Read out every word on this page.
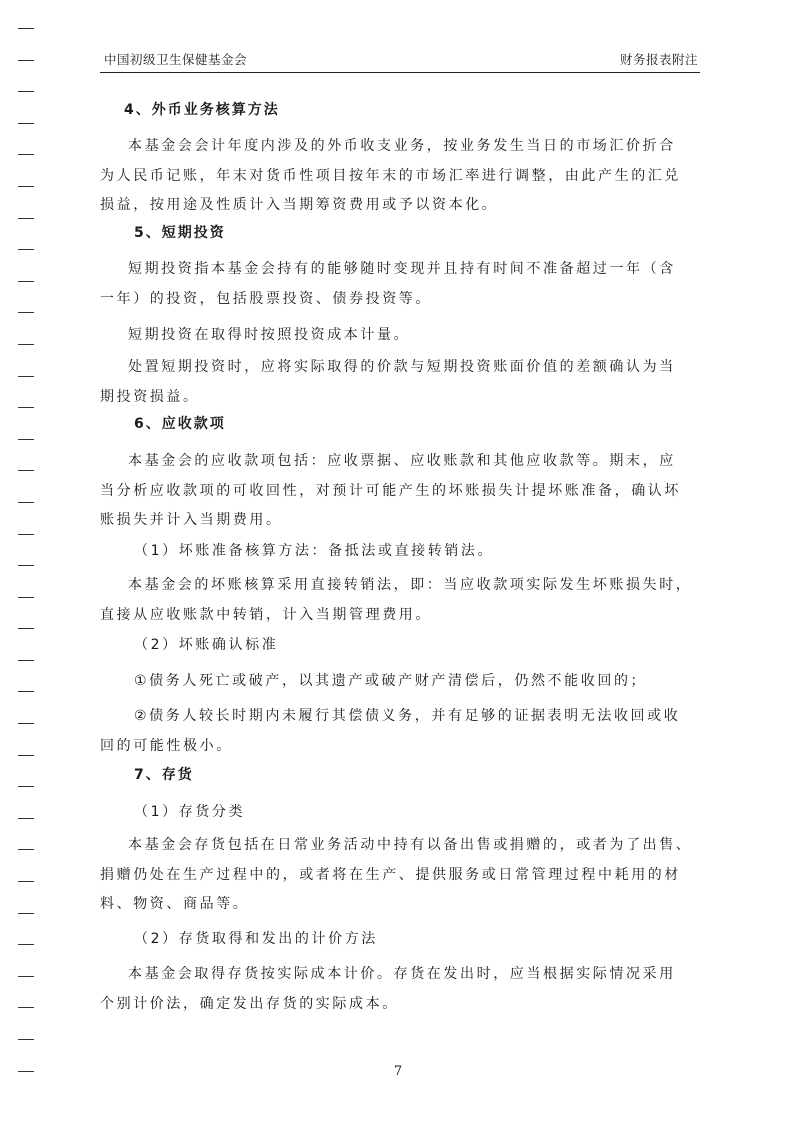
中国初级卫生保健基金会	财务报表附注
4、外币业务核算方法
本基金会会计年度内涉及的外币收支业务，按业务发生当日的市场汇价折合
为人民币记账，年末对货币性项目按年末的市场汇率进行调整，由此产生的汇兑
损益，按用途及性质计入当期筹资费用或予以资本化。
5、短期投资
短期投资指本基金会持有的能够随时变现并且持有时间不准备超过一年（含
一年）的投资，包括股票投资、债券投资等。
短期投资在取得时按照投资成本计量。
处置短期投资时，应将实际取得的价款与短期投资账面价值的差额确认为当
期投资损益。
6、应收款项
本基金会的应收款项包括：应收票据、应收账款和其他应收款等。期末，应
当分析应收款项的可收回性，对预计可能产生的坏账损失计提坏账准备，确认坏
账损失并计入当期费用。
（1）坏账准备核算方法：备抵法或直接转销法。
本基金会的坏账核算采用直接转销法，即：当应收款项实际发生坏账损失时，
直接从应收账款中转销，计入当期管理费用。
（2）坏账确认标准
①债务人死亡或破产，以其遗产或破产财产清偿后，仍然不能收回的；
②债务人较长时期内未履行其偿债义务，并有足够的证据表明无法收回或收
回的可能性极小。
7、存货
（1）存货分类
本基金会存货包括在日常业务活动中持有以备出售或捐赠的，或者为了出售、
捐赠仍处在生产过程中的，或者将在生产、提供服务或日常管理过程中耗用的材
料、物资、商品等。
（2）存货取得和发出的计价方法
本基金会取得存货按实际成本计价。存货在发出时，应当根据实际情况采用
个别计价法，确定发出存货的实际成本。
7
